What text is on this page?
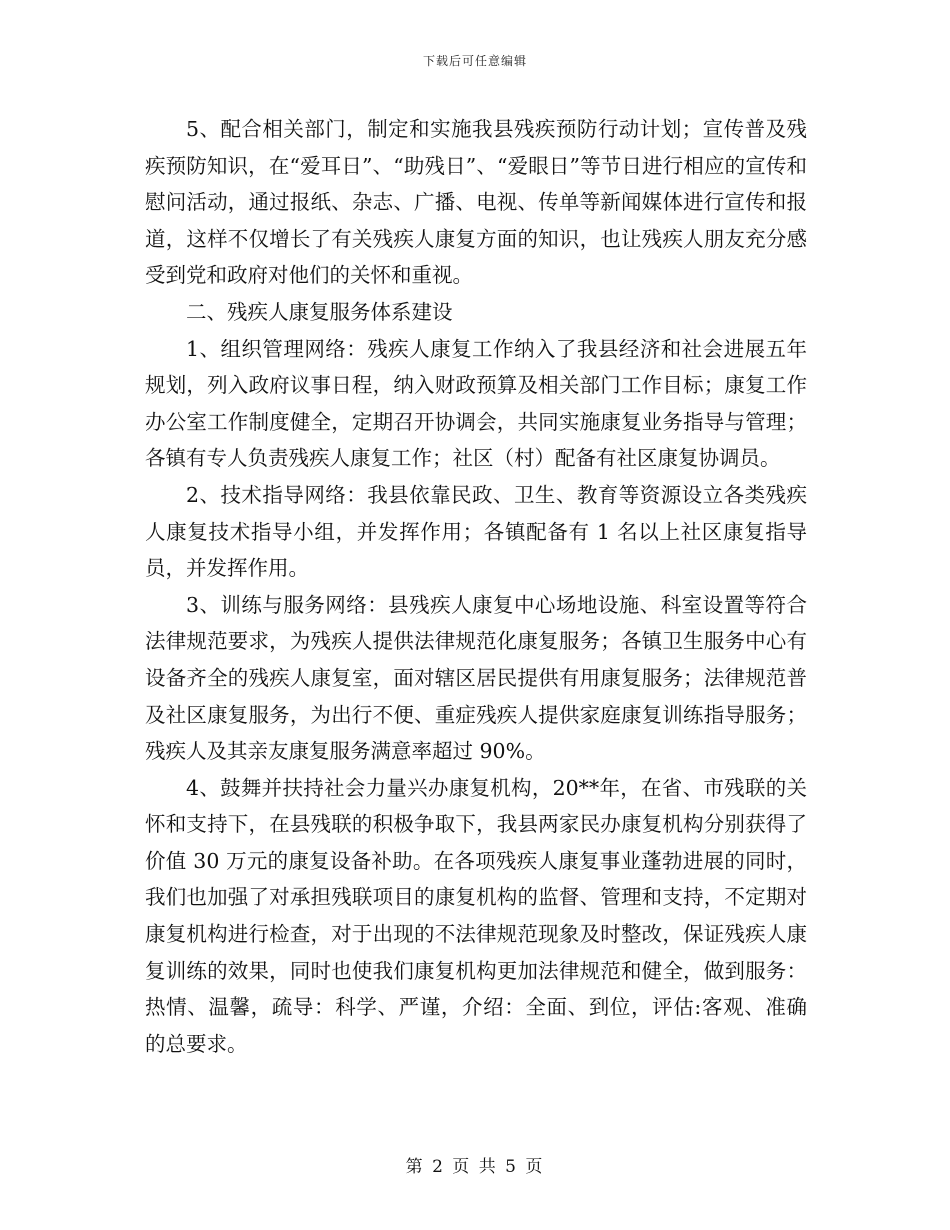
下载后可任意编辑

5、配合相关部门，制定和实施我县残疾预防行动计划；宣传普及残疾预防知识，在“爱耳日”、“助残日”、“爱眼日”等节日进行相应的宣传和慰问活动，通过报纸、杂志、广播、电视、传单等新闻媒体进行宣传和报道，这样不仅增长了有关残疾人康复方面的知识，也让残疾人朋友充分感受到党和政府对他们的关怀和重视。

二、残疾人康复服务体系建设

1、组织管理网络：残疾人康复工作纳入了我县经济和社会进展五年规划，列入政府议事日程，纳入财政预算及相关部门工作目标；康复工作办公室工作制度健全，定期召开协调会，共同实施康复业务指导与管理；各镇有专人负责残疾人康复工作；社区（村）配备有社区康复协调员。

2、技术指导网络：我县依靠民政、卫生、教育等资源设立各类残疾人康复技术指导小组，并发挥作用；各镇配备有 1 名以上社区康复指导员，并发挥作用。

3、训练与服务网络：县残疾人康复中心场地设施、科室设置等符合法律规范要求，为残疾人提供法律规范化康复服务；各镇卫生服务中心有设备齐全的残疾人康复室，面对辖区居民提供有用康复服务；法律规范普及社区康复服务，为出行不便、重症残疾人提供家庭康复训练指导服务；残疾人及其亲友康复服务满意率超过 90%。

4、鼓舞并扶持社会力量兴办康复机构，20**年，在省、市残联的关怀和支持下，在县残联的积极争取下，我县两家民办康复机构分别获得了价值 30 万元的康复设备补助。在各项残疾人康复事业蓬勃进展的同时，我们也加强了对承担残联项目的康复机构的监督、管理和支持，不定期对康复机构进行检查，对于出现的不法律规范现象及时整改，保证残疾人康复训练的效果，同时也使我们康复机构更加法律规范和健全，做到服务：热情、温馨，疏导：科学、严谨，介绍：全面、到位，评估:客观、准确的总要求。

第 2 页 共 5 页
